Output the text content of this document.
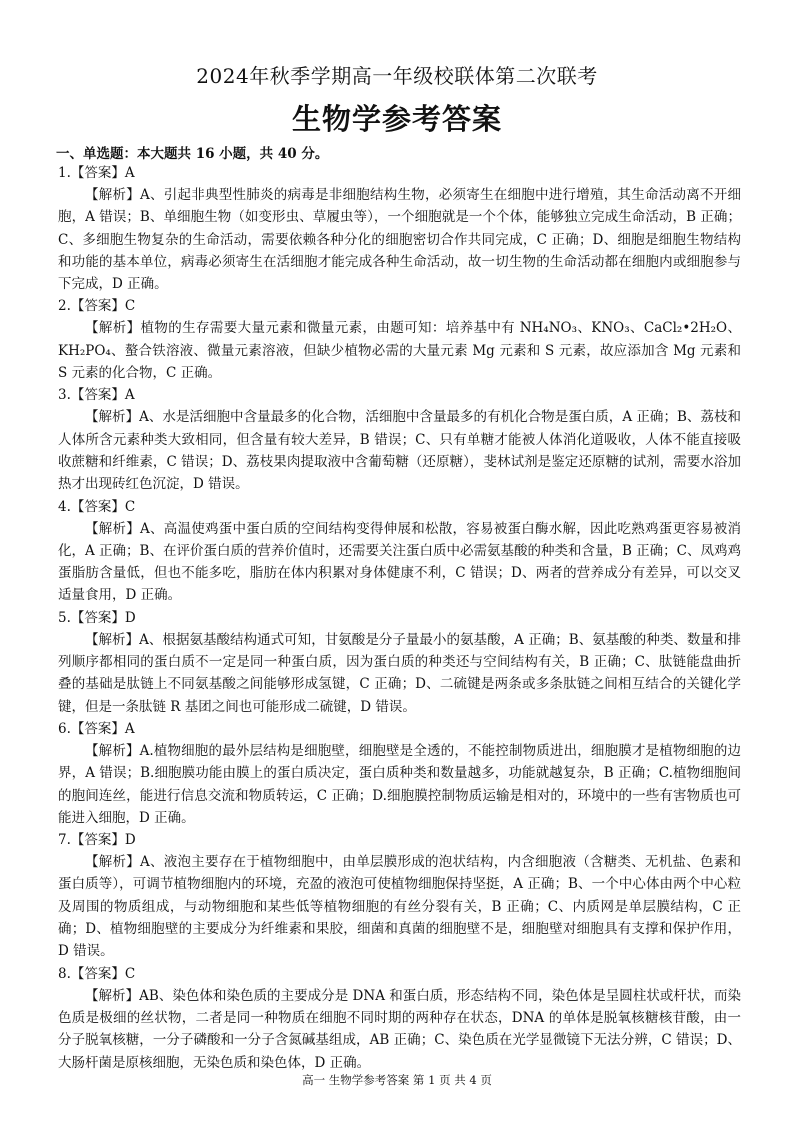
2024年秋季学期高一年级校联体第二次联考
生物学参考答案
一、单选题：本大题共 16 小题，共 40 分。
1.【答案】A

【解析】A、引起非典型性肺炎的病毒是非细胞结构生物，必须寄生在细胞中进行增殖，其生命活动离不开细胞，A 错误；B、单细胞生物（如变形虫、草履虫等），一个细胞就是一个个体，能够独立完成生命活动，B 正确；C、多细胞生物复杂的生命活动，需要依赖各种分化的细胞密切合作共同完成，C 正确；D、细胞是细胞生物结构和功能的基本单位，病毒必须寄生在活细胞才能完成各种生命活动，故一切生物的生命活动都在细胞内或细胞参与下完成，D 正确。

2.【答案】C

【解析】植物的生存需要大量元素和微量元素，由题可知：培养基中有 NH₄NO₃、KNO₃、CaCl₂•2H₂O、KH₂PO₄、螯合铁溶液、微量元素溶液，但缺少植物必需的大量元素 Mg 元素和 S 元素，故应添加含 Mg 元素和 S 元素的化合物，C 正确。

3.【答案】A

【解析】A、水是活细胞中含量最多的化合物，活细胞中含量最多的有机化合物是蛋白质，A 正确；B、荔枝和人体所含元素种类大致相同，但含量有较大差异，B 错误；C、只有单糖才能被人体消化道吸收，人体不能直接吸收蔗糖和纤维素，C 错误；D、荔枝果肉提取液中含葡萄糖（还原糖），斐林试剂是鉴定还原糖的试剂，需要水浴加热才出现砖红色沉淀，D 错误。

4.【答案】C

【解析】A、高温使鸡蛋中蛋白质的空间结构变得伸展和松散，容易被蛋白酶水解，因此吃熟鸡蛋更容易被消化，A 正确；B、在评价蛋白质的营养价值时，还需要关注蛋白质中必需氨基酸的种类和含量，B 正确；C、凤鸡鸡蛋脂肪含量低，但也不能多吃，脂肪在体内积累对身体健康不利，C 错误；D、两者的营养成分有差异，可以交叉适量食用，D 正确。

5.【答案】D

【解析】A、根据氨基酸结构通式可知，甘氨酸是分子量最小的氨基酸，A 正确；B、氨基酸的种类、数量和排列顺序都相同的蛋白质不一定是同一种蛋白质，因为蛋白质的种类还与空间结构有关，B 正确；C、肽链能盘曲折叠的基础是肽链上不同氨基酸之间能够形成氢键，C 正确；D、二硫键是两条或多条肽链之间相互结合的关键化学键，但是一条肽链 R 基团之间也可能形成二硫键，D 错误。

6.【答案】A

【解析】A.植物细胞的最外层结构是细胞壁，细胞壁是全透的，不能控制物质进出，细胞膜才是植物细胞的边界，A 错误；B.细胞膜功能由膜上的蛋白质决定，蛋白质种类和数量越多，功能就越复杂，B 正确；C.植物细胞间的胞间连丝，能进行信息交流和物质转运，C 正确；D.细胞膜控制物质运输是相对的，环境中的一些有害物质也可能进入细胞，D 正确。

7.【答案】D

【解析】A、液泡主要存在于植物细胞中，由单层膜形成的泡状结构，内含细胞液（含糖类、无机盐、色素和蛋白质等），可调节植物细胞内的环境，充盈的液泡可使植物细胞保持坚挺，A 正确；B、一个中心体由两个中心粒及周围的物质组成，与动物细胞和某些低等植物细胞的有丝分裂有关，B 正确；C、内质网是单层膜结构，C 正确；D、植物细胞壁的主要成分为纤维素和果胶，细菌和真菌的细胞壁不是，细胞壁对细胞具有支撑和保护作用，D 错误。

8.【答案】C

【解析】AB、染色体和染色质的主要成分是 DNA 和蛋白质，形态结构不同，染色体是呈圆柱状或杆状，而染色质是极细的丝状物，二者是同一种物质在细胞不同时期的两种存在状态，DNA 的单体是脱氧核糖核苷酸，由一分子脱氧核糖，一分子磷酸和一分子含氮碱基组成，AB 正确；C、染色质在光学显微镜下无法分辨，C 错误；D、大肠杆菌是原核细胞，无染色质和染色体，D 正确。

高一 生物学参考答案 第 1 页 共 4 页
